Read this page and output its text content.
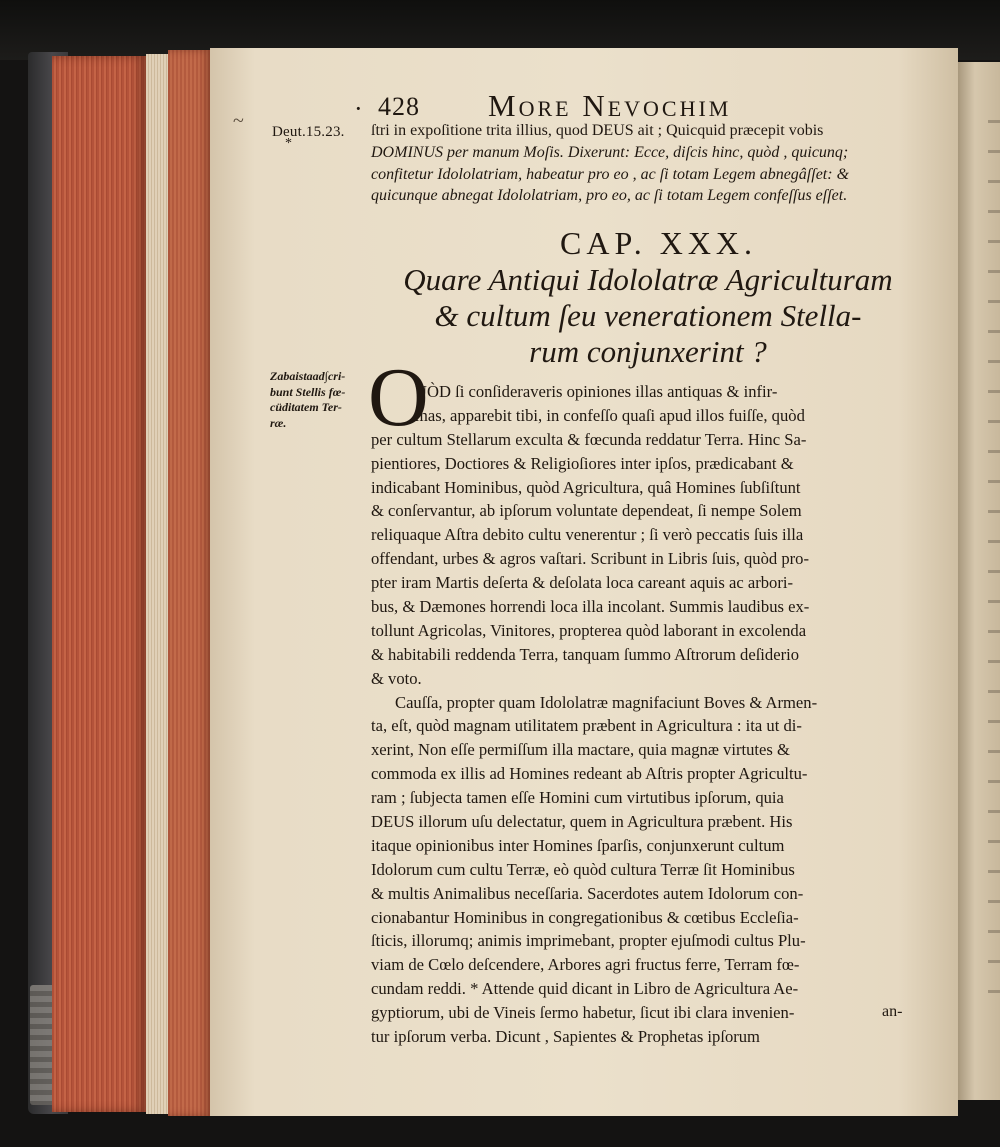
~	· 428 More Nevochim
Deut.15.23.
*
ſtri in expoſitione trita illius, quod DEUS ait ; Quicquid præcepit vobis
DOMINUS per manum Moſis. Dixerunt: Ecce, diſcis hinc, quòd , quicunq;
confitetur Idololatriam, habeatur pro eo , ac ſi totam Legem abnegâſſet: &
quicunque abnegat Idololatriam, pro eo, ac ſi totam Legem confeſſus eſſet.
CAP. XXX.
Quare Antiqui Idololatræ Agriculturam
& cultum ſeu venerationem Stella-
rum conjunxerint ?
Zabaistaad∫cri-
bunt Stellis fœ-
cüditatem Ter-
ræ. O
UÒD ſi conſideraveris opiniones illas antiquas & infir-
mas, apparebit tibi, in confeſſo quaſi apud illos fuiſſe, quòd
per cultum Stellarum exculta & fœcunda reddatur Terra. Hinc Sa-
pientiores, Doctiores & Religioſiores inter ipſos, prædicabant &
indicabant Hominibus, quòd Agricultura, quâ Homines ſubſiſtunt
& conſervantur, ab ipſorum voluntate dependeat, ſi nempe Solem
reliquaque Aſtra debito cultu venerentur ; ſi verò peccatis ſuis illa
offendant, urbes & agros vaſtari. Scribunt in Libris ſuis, quòd pro-
pter iram Martis deſerta & deſolata loca careant aquis ac arbori-
bus, & Dæmones horrendi loca illa incolant. Summis laudibus ex-
tollunt Agricolas, Vinitores, propterea quòd laborant in excolenda
& habitabili reddenda Terra, tanquam ſummo Aſtrorum deſiderio
& voto.
Cauſſa, propter quam Idololatræ magnifaciunt Boves & Armen-
ta, eſt, quòd magnam utilitatem præbent in Agricultura : ita ut di-
xerint, Non eſſe permiſſum illa mactare, quia magnæ virtutes &
commoda ex illis ad Homines redeant ab Aſtris propter Agricultu-
ram ; ſubjecta tamen eſſe Homini cum virtutibus ipſorum, quia
DEUS illorum uſu delectatur, quem in Agricultura præbent. His
itaque opinionibus inter Homines ſparſis, conjunxerunt cultum
Idolorum cum cultu Terræ, eò quòd cultura Terræ ſit Hominibus
& multis Animalibus neceſſaria. Sacerdotes autem Idolorum con-
cionabantur Hominibus in congregationibus & cœtibus Eccleſia-
ſticis, illorumq; animis imprimebant, propter ejuſmodi cultus Plu-
viam de Cœlo deſcendere, Arbores agri fructus ferre, Terram fœ-
cundam reddi. * Attende quid dicant in Libro de Agricultura Ae-
gyptiorum, ubi de Vineis ſermo habetur, ſicut ibi clara invenien-
tur ipſorum verba. Dicunt , Sapientes & Prophetas ipſorum
an-
